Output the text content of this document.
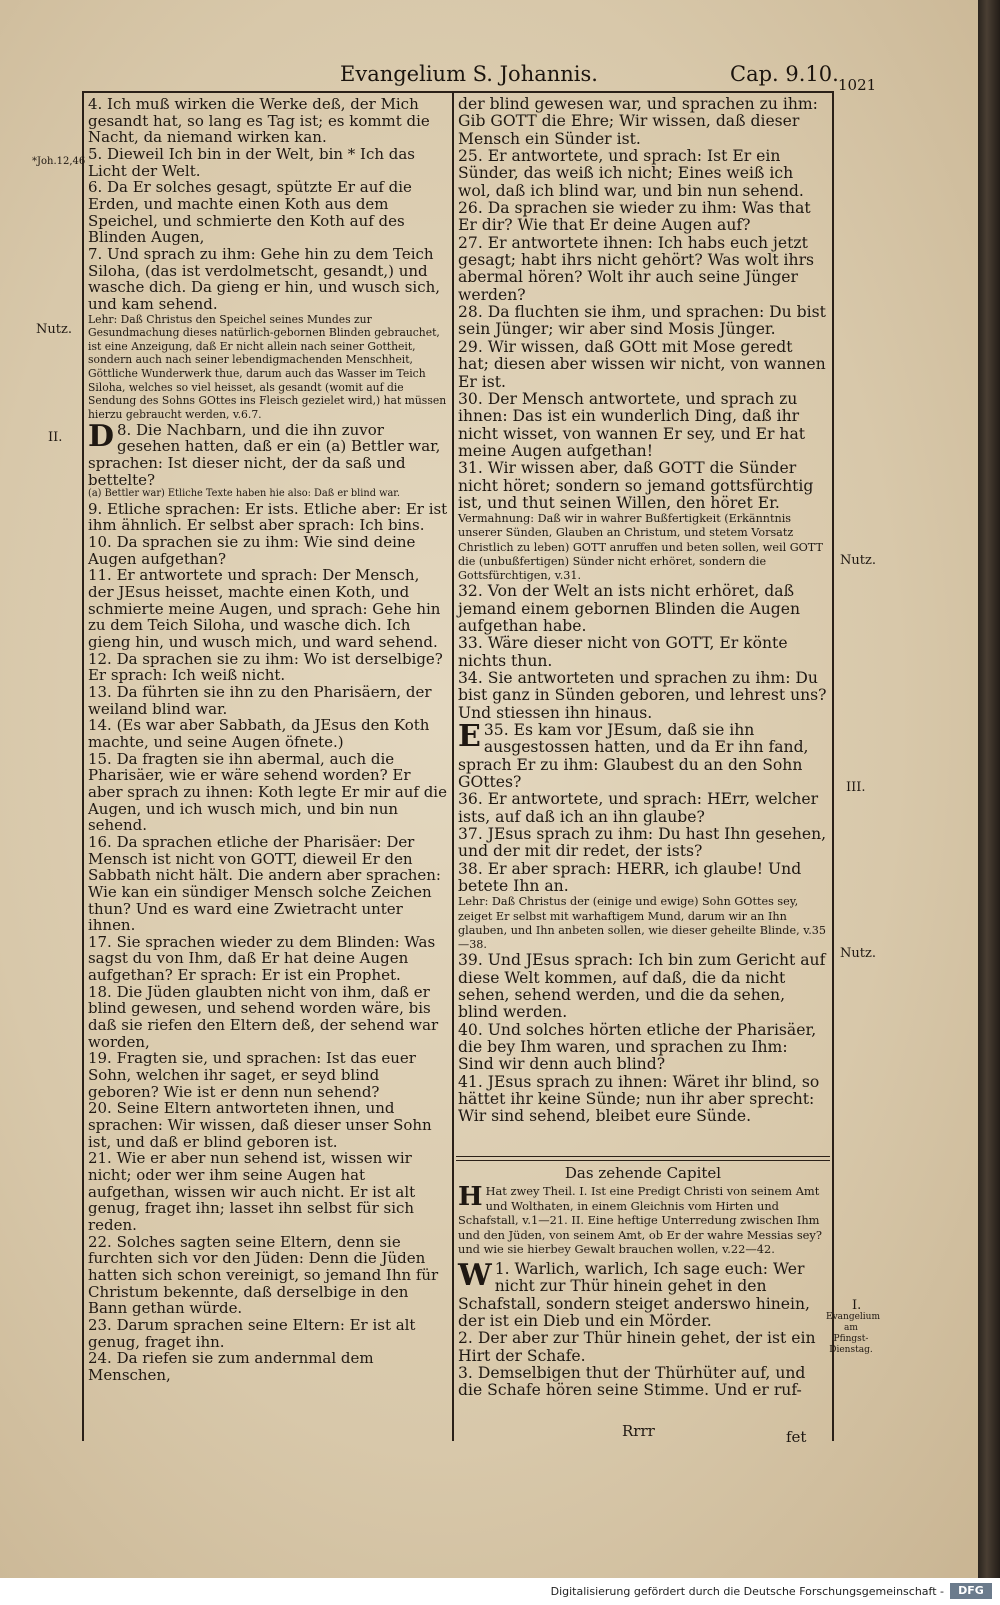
Evangelium S. Johannis.	Cap. 9.10. 1021
*Joh.12,46
Nutz.
II.
Nutz.
III.
Nutz.
I.
Evangelium am Pfingst-Dienstag.

4. Ich muß wirken die Werke deß, der Mich gesandt hat, so lang es Tag ist; es kommt die Nacht, da niemand wirken kan.

5. Dieweil Ich bin in der Welt, bin * Ich das Licht der Welt.

6. Da Er solches gesagt, spützte Er auf die Erden, und machte einen Koth aus dem Speichel, und schmierte den Koth auf des Blinden Augen,

7. Und sprach zu ihm: Gehe hin zu dem Teich Siloha, (das ist verdolmetscht, gesandt,) und wasche dich. Da gieng er hin, und wusch sich, und kam sehend.

Lehr: Daß Christus den Speichel seines Mundes zur Gesundmachung dieses natürlich-gebornen Blinden gebrauchet, ist eine Anzeigung, daß Er nicht allein nach seiner Gottheit, sondern auch nach seiner lebendigmachenden Menschheit, Göttliche Wunderwerk thue, darum auch das Wasser im Teich Siloha, welches so viel heisset, als gesandt (womit auf die Sendung des Sohns GOttes ins Fleisch gezielet wird,) hat müssen hierzu gebraucht werden, v.6.7.

D 8. Die Nachbarn, und die ihn zuvor gesehen hatten, daß er ein (a) Bettler war, sprachen: Ist dieser nicht, der da saß und bettelte?

(a) Bettler war) Etliche Texte haben hie also: Daß er blind war.

9. Etliche sprachen: Er ists. Etliche aber: Er ist ihm ähnlich. Er selbst aber sprach: Ich bins.

10. Da sprachen sie zu ihm: Wie sind deine Augen aufgethan?

11. Er antwortete und sprach: Der Mensch, der JEsus heisset, machte einen Koth, und schmierte meine Augen, und sprach: Gehe hin zu dem Teich Siloha, und wasche dich. Ich gieng hin, und wusch mich, und ward sehend.

12. Da sprachen sie zu ihm: Wo ist derselbige? Er sprach: Ich weiß nicht.

13. Da führten sie ihn zu den Pharisäern, der weiland blind war.

14. (Es war aber Sabbath, da JEsus den Koth machte, und seine Augen öfnete.)

15. Da fragten sie ihn abermal, auch die Pharisäer, wie er wäre sehend worden? Er aber sprach zu ihnen: Koth legte Er mir auf die Augen, und ich wusch mich, und bin nun sehend.

16. Da sprachen etliche der Pharisäer: Der Mensch ist nicht von GOTT, dieweil Er den Sabbath nicht hält. Die andern aber sprachen: Wie kan ein sündiger Mensch solche Zeichen thun? Und es ward eine Zwietracht unter ihnen.

17. Sie sprachen wieder zu dem Blinden: Was sagst du von Ihm, daß Er hat deine Augen aufgethan? Er sprach: Er ist ein Prophet.

18. Die Jüden glaubten nicht von ihm, daß er blind gewesen, und sehend worden wäre, bis daß sie riefen den Eltern deß, der sehend war worden,

19. Fragten sie, und sprachen: Ist das euer Sohn, welchen ihr saget, er seyd blind geboren? Wie ist er denn nun sehend?

20. Seine Eltern antworteten ihnen, und sprachen: Wir wissen, daß dieser unser Sohn ist, und daß er blind geboren ist.

21. Wie er aber nun sehend ist, wissen wir nicht; oder wer ihm seine Augen hat aufgethan, wissen wir auch nicht. Er ist alt genug, fraget ihn; lasset ihn selbst für sich reden.

22. Solches sagten seine Eltern, denn sie furchten sich vor den Jüden: Denn die Jüden hatten sich schon vereinigt, so jemand Ihn für Christum bekennte, daß derselbige in den Bann gethan würde.

23. Darum sprachen seine Eltern: Er ist alt genug, fraget ihn.

24. Da riefen sie zum andernmal dem Menschen,

der blind gewesen war, und sprachen zu ihm: Gib GOTT die Ehre; Wir wissen, daß dieser Mensch ein Sünder ist.

25. Er antwortete, und sprach: Ist Er ein Sünder, das weiß ich nicht; Eines weiß ich wol, daß ich blind war, und bin nun sehend.

26. Da sprachen sie wieder zu ihm: Was that Er dir? Wie that Er deine Augen auf?

27. Er antwortete ihnen: Ich habs euch jetzt gesagt; habt ihrs nicht gehört? Was wolt ihrs abermal hören? Wolt ihr auch seine Jünger werden?

28. Da fluchten sie ihm, und sprachen: Du bist sein Jünger; wir aber sind Mosis Jünger.

29. Wir wissen, daß GOtt mit Mose geredt hat; diesen aber wissen wir nicht, von wannen Er ist.

30. Der Mensch antwortete, und sprach zu ihnen: Das ist ein wunderlich Ding, daß ihr nicht wisset, von wannen Er sey, und Er hat meine Augen aufgethan!

31. Wir wissen aber, daß GOTT die Sünder nicht höret; sondern so jemand gottsfürchtig ist, und thut seinen Willen, den höret Er.

Vermahnung: Daß wir in wahrer Bußfertigkeit (Erkänntnis unserer Sünden, Glauben an Christum, und stetem Vorsatz Christlich zu leben) GOTT anruffen und beten sollen, weil GOTT die (unbußfertigen) Sünder nicht erhöret, sondern die Gottsfürchtigen, v.31.

32. Von der Welt an ists nicht erhöret, daß jemand einem gebornen Blinden die Augen aufgethan habe.

33. Wäre dieser nicht von GOTT, Er könte nichts thun.

34. Sie antworteten und sprachen zu ihm: Du bist ganz in Sünden geboren, und lehrest uns? Und stiessen ihn hinaus.

E 35. Es kam vor JEsum, daß sie ihn ausgestossen hatten, und da Er ihn fand, sprach Er zu ihm: Glaubest du an den Sohn GOttes?

36. Er antwortete, und sprach: HErr, welcher ists, auf daß ich an ihn glaube?

37. JEsus sprach zu ihm: Du hast Ihn gesehen, und der mit dir redet, der ists?

38. Er aber sprach: HERR, ich glaube! Und betete Ihn an.

Lehr: Daß Christus der (einige und ewige) Sohn GOttes sey, zeiget Er selbst mit warhaftigem Mund, darum wir an Ihn glauben, und Ihn anbeten sollen, wie dieser geheilte Blinde, v.35—38.

39. Und JEsus sprach: Ich bin zum Gericht auf diese Welt kommen, auf daß, die da nicht sehen, sehend werden, und die da sehen, blind werden.

40. Und solches hörten etliche der Pharisäer, die bey Ihm waren, und sprachen zu Ihm: Sind wir denn auch blind?

41. JEsus sprach zu ihnen: Wäret ihr blind, so hättet ihr keine Sünde; nun ihr aber sprecht: Wir sind sehend, bleibet eure Sünde.

Das zehende Capitel

H Hat zwey Theil. I. Ist eine Predigt Christi von seinem Amt und Wolthaten, in einem Gleichnis vom Hirten und Schafstall, v.1—21. II. Eine heftige Unterredung zwischen Ihm und den Jüden, von seinem Amt, ob Er der wahre Messias sey? und wie sie hierbey Gewalt brauchen wollen, v.22—42.

W 1. Warlich, warlich, Ich sage euch: Wer nicht zur Thür hinein gehet in den Schafstall, sondern steiget anderswo hinein, der ist ein Dieb und ein Mörder.

2. Der aber zur Thür hinein gehet, der ist ein Hirt der Schafe.

3. Demselbigen thut der Thürhüter auf, und die Schafe hören seine Stimme. Und er ruf-

Rrrr	fet
Digitalisierung gefördert durch die Deutsche Forschungsgemeinschaft -	DFG
